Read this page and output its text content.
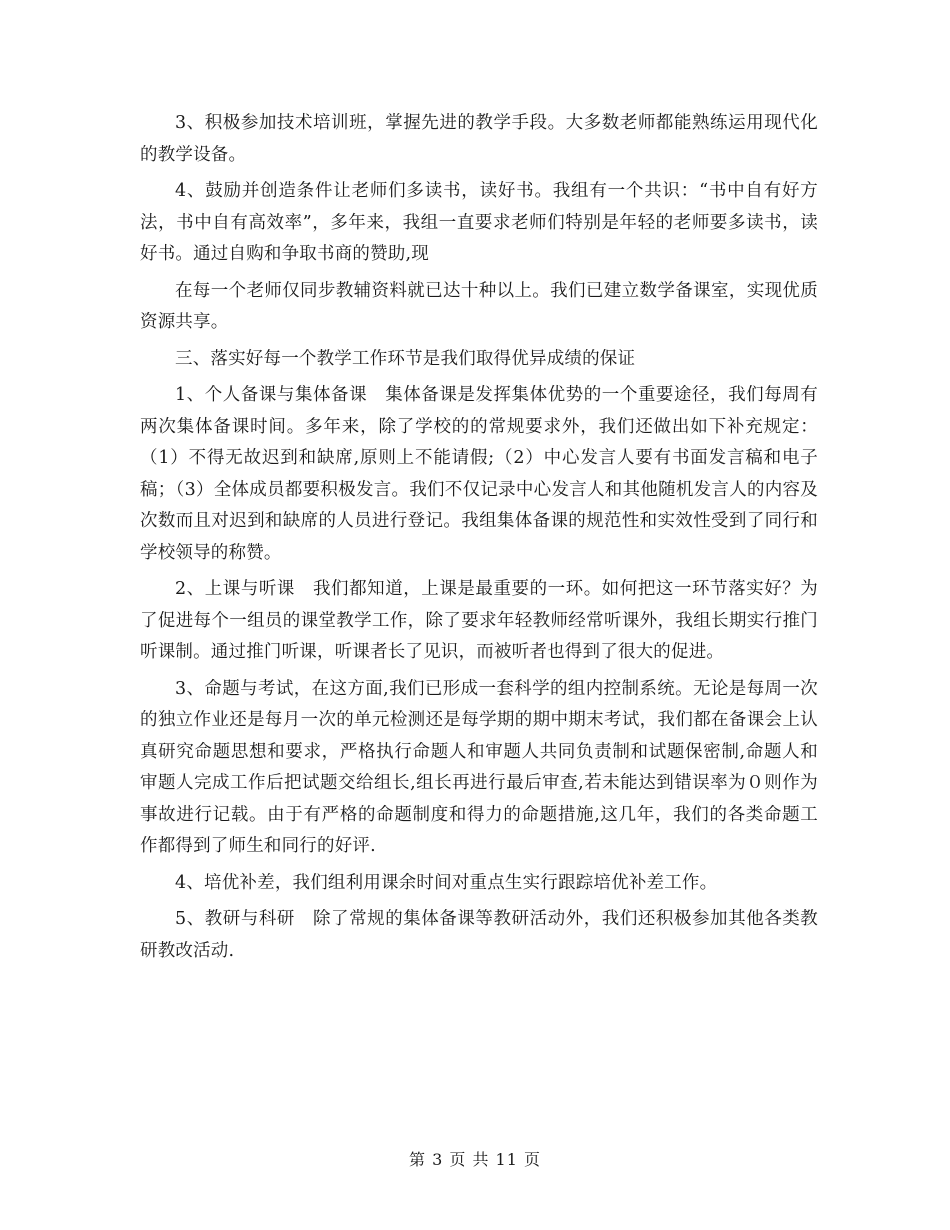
3、积极参加技术培训班，掌握先进的教学手段。大多数老师都能熟练运用现代化的教学设备。

4、鼓励并创造条件让老师们多读书，读好书。我组有一个共识：“书中自有好方法，书中自有高效率”，多年来，我组一直要求老师们特别是年轻的老师要多读书，读好书。通过自购和争取书商的赞助,现

在每一个老师仅同步教辅资料就已达十种以上。我们已建立数学备课室，实现优质资源共享。

三、落实好每一个教学工作环节是我们取得优异成绩的保证

1、个人备课与集体备课　集体备课是发挥集体优势的一个重要途径，我们每周有两次集体备课时间。多年来，除了学校的的常规要求外，我们还做出如下补充规定：（1）不得无故迟到和缺席,原则上不能请假;（2）中心发言人要有书面发言稿和电子稿；（3）全体成员都要积极发言。我们不仅记录中心发言人和其他随机发言人的内容及次数而且对迟到和缺席的人员进行登记。我组集体备课的规范性和实效性受到了同行和学校领导的称赞。

2、上课与听课　我们都知道，上课是最重要的一环。如何把这一环节落实好？为了促进每个一组员的课堂教学工作，除了要求年轻教师经常听课外，我组长期实行推门听课制。通过推门听课，听课者长了见识，而被听者也得到了很大的促进。

3、命题与考试，在这方面,我们已形成一套科学的组内控制系统。无论是每周一次的独立作业还是每月一次的单元检测还是每学期的期中期末考试，我们都在备课会上认真研究命题思想和要求，严格执行命题人和审题人共同负责制和试题保密制,命题人和审题人完成工作后把试题交给组长,组长再进行最后审查,若未能达到错误率为０则作为事故进行记载。由于有严格的命题制度和得力的命题措施,这几年，我们的各类命题工作都得到了师生和同行的好评.

4、培优补差，我们组利用课余时间对重点生实行跟踪培优补差工作。

5、教研与科研　除了常规的集体备课等教研活动外，我们还积极参加其他各类教研教改活动.

第 3 页 共 11 页
